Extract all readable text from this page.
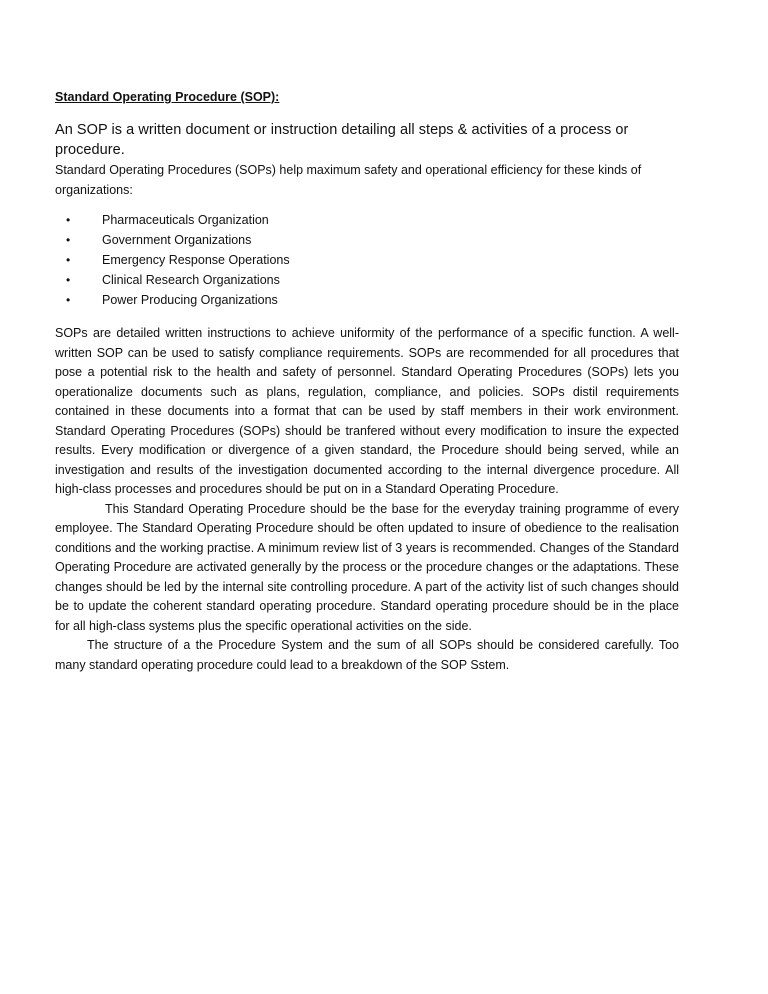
Standard Operating Procedure (SOP):

An SOP is a written document or instruction detailing all steps & activities of a process or procedure.

Standard Operating Procedures (SOPs) help maximum safety and operational efficiency for these kinds of organizations:

•	Pharmaceuticals Organization
•	Government Organizations
•	Emergency Response Operations
•	Clinical Research Organizations
•	Power Producing Organizations

SOPs are detailed written instructions to achieve uniformity of the performance of a specific function. A well-written SOP can be used to satisfy compliance requirements. SOPs are recommended for all procedures that pose a potential risk to the health and safety of personnel. Standard Operating Procedures (SOPs) lets you operationalize documents such as plans, regulation, compliance, and policies. SOPs distil requirements contained in these documents into a format that can be used by staff members in their work environment. Standard Operating Procedures (SOPs) should be tranfered without every modification to insure the expected results. Every modification or divergence of a given standard, the Procedure should being served, while an investigation and results of the investigation documented according to the internal divergence procedure. All high-class processes and procedures should be put on in a Standard Operating Procedure.

This Standard Operating Procedure should be the base for the everyday training programme of every employee. The Standard Operating Procedure should be often updated to insure of obedience to the realisation conditions and the working practise. A minimum review list of 3 years is recommended. Changes of the Standard Operating Procedure are activated generally by the process or the procedure changes or the adaptations. These changes should be led by the internal site controlling procedure. A part of the activity list of such changes should be to update the coherent standard operating procedure. Standard operating procedure should be in the place for all high-class systems plus the specific operational activities on the side.

The structure of a the Procedure System and the sum of all SOPs should be considered carefully. Too many standard operating procedure could lead to a breakdown of the SOP Sstem.
